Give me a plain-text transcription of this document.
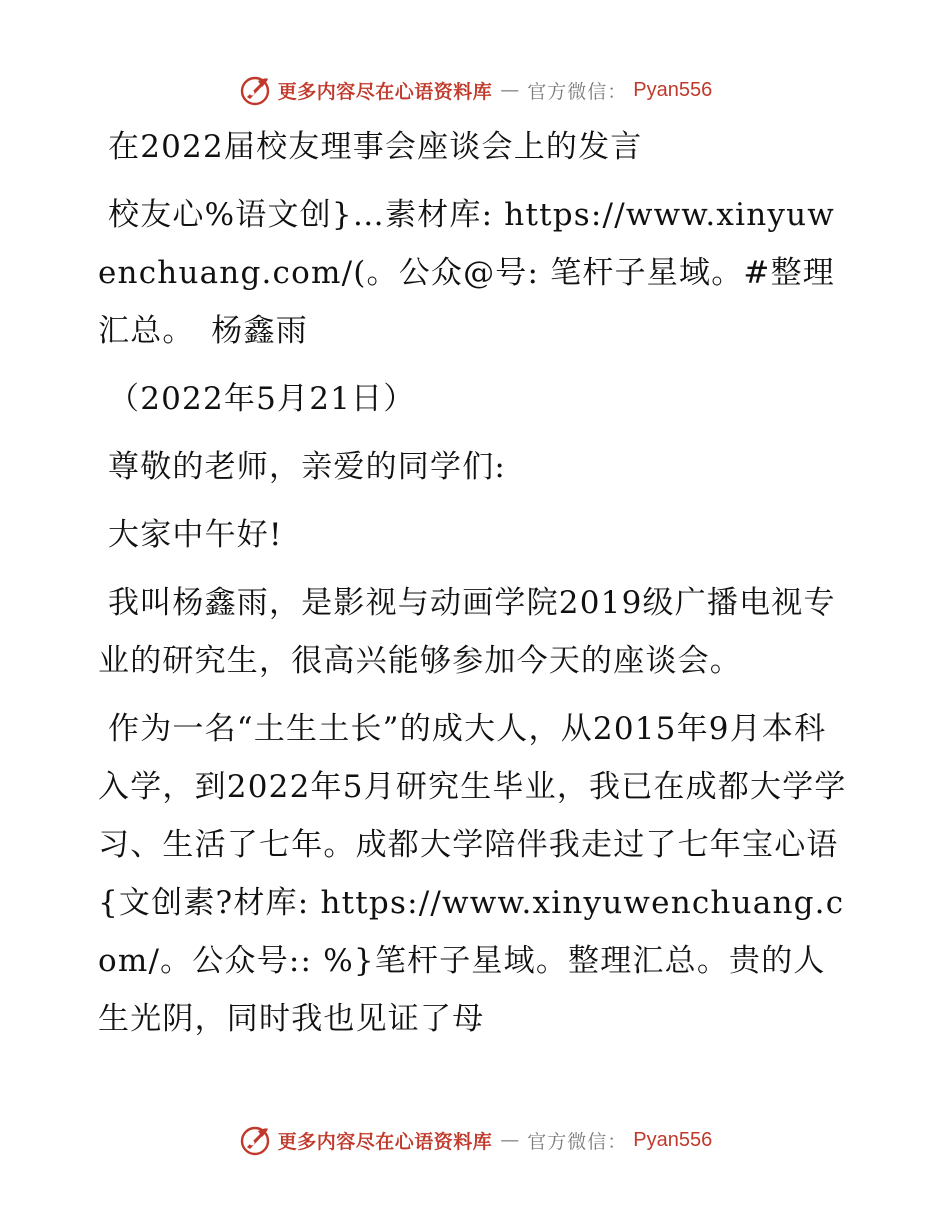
更多内容尽在心语资料库 — 官方微信： Pyan556

在2022届校友理事会座谈会上的发言

校友心%语文创}…素材库: https://www.xinyuwenchuang.com/(。公众@号: 笔杆子星域。#整理汇总。　杨鑫雨

（2022年5月21日）

尊敬的老师，亲爱的同学们:

大家中午好!

我叫杨鑫雨，是影视与动画学院2019级广播电视专业的研究生，很高兴能够参加今天的座谈会。

作为一名“土生土长”的成大人，从2015年9月本科入学，到2022年5月研究生毕业，我已在成都大学学习、生活了七年。成都大学陪伴我走过了七年宝心语{文创素?材库: https://www.xinyuwenchuang.com/。公众号:: %}笔杆子星域。整理汇总。贵的人生光阴，同时我也见证了母

更多内容尽在心语资料库 — 官方微信： Pyan556
